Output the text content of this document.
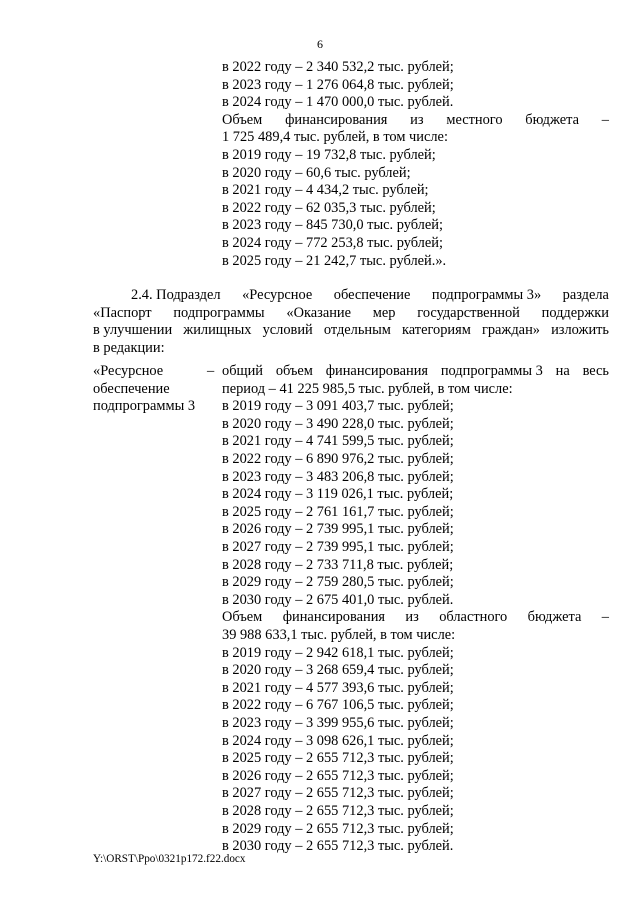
6
в 2022 году – 2 340 532,2 тыс. рублей;
в 2023 году – 1 276 064,8 тыс. рублей;
в 2024 году – 1 470 000,0 тыс. рублей.
Объем финансирования из местного бюджета –
1 725 489,4 тыс. рублей, в том числе:
в 2019 году – 19 732,8 тыс. рублей;
в 2020 году – 60,6 тыс. рублей;
в 2021 году – 4 434,2 тыс. рублей;
в 2022 году – 62 035,3 тыс. рублей;
в 2023 году – 845 730,0 тыс. рублей;
в 2024 году – 772 253,8 тыс. рублей;
в 2025 году – 21 242,7 тыс. рублей.».
2.4. Подраздел «Ресурсное обеспечение подпрограммы 3» раздела
«Паспорт подпрограммы «Оказание мер государственной поддержки
в улучшении жилищных условий отдельным категориям граждан» изложить
в редакции:
«Ресурсное
обеспечение
подпрограммы 3
– общий объем финансирования подпрограммы 3 на весь
период – 41 225 985,5 тыс. рублей, в том числе:
в 2019 году – 3 091 403,7 тыс. рублей;
в 2020 году – 3 490 228,0 тыс. рублей;
в 2021 году – 4 741 599,5 тыс. рублей;
в 2022 году – 6 890 976,2 тыс. рублей;
в 2023 году – 3 483 206,8 тыс. рублей;
в 2024 году – 3 119 026,1 тыс. рублей;
в 2025 году – 2 761 161,7 тыс. рублей;
в 2026 году – 2 739 995,1 тыс. рублей;
в 2027 году – 2 739 995,1 тыс. рублей;
в 2028 году – 2 733 711,8 тыс. рублей;
в 2029 году – 2 759 280,5 тыс. рублей;
в 2030 году – 2 675 401,0 тыс. рублей.
Объем финансирования из областного бюджета –
39 988 633,1 тыс. рублей, в том числе:
в 2019 году – 2 942 618,1 тыс. рублей;
в 2020 году – 3 268 659,4 тыс. рублей;
в 2021 году – 4 577 393,6 тыс. рублей;
в 2022 году – 6 767 106,5 тыс. рублей;
в 2023 году – 3 399 955,6 тыс. рублей;
в 2024 году – 3 098 626,1 тыс. рублей;
в 2025 году – 2 655 712,3 тыс. рублей;
в 2026 году – 2 655 712,3 тыс. рублей;
в 2027 году – 2 655 712,3 тыс. рублей;
в 2028 году – 2 655 712,3 тыс. рублей;
в 2029 году – 2 655 712,3 тыс. рублей;
в 2030 году – 2 655 712,3 тыс. рублей.
Y:\ORST\Ppo\0321p172.f22.docx
